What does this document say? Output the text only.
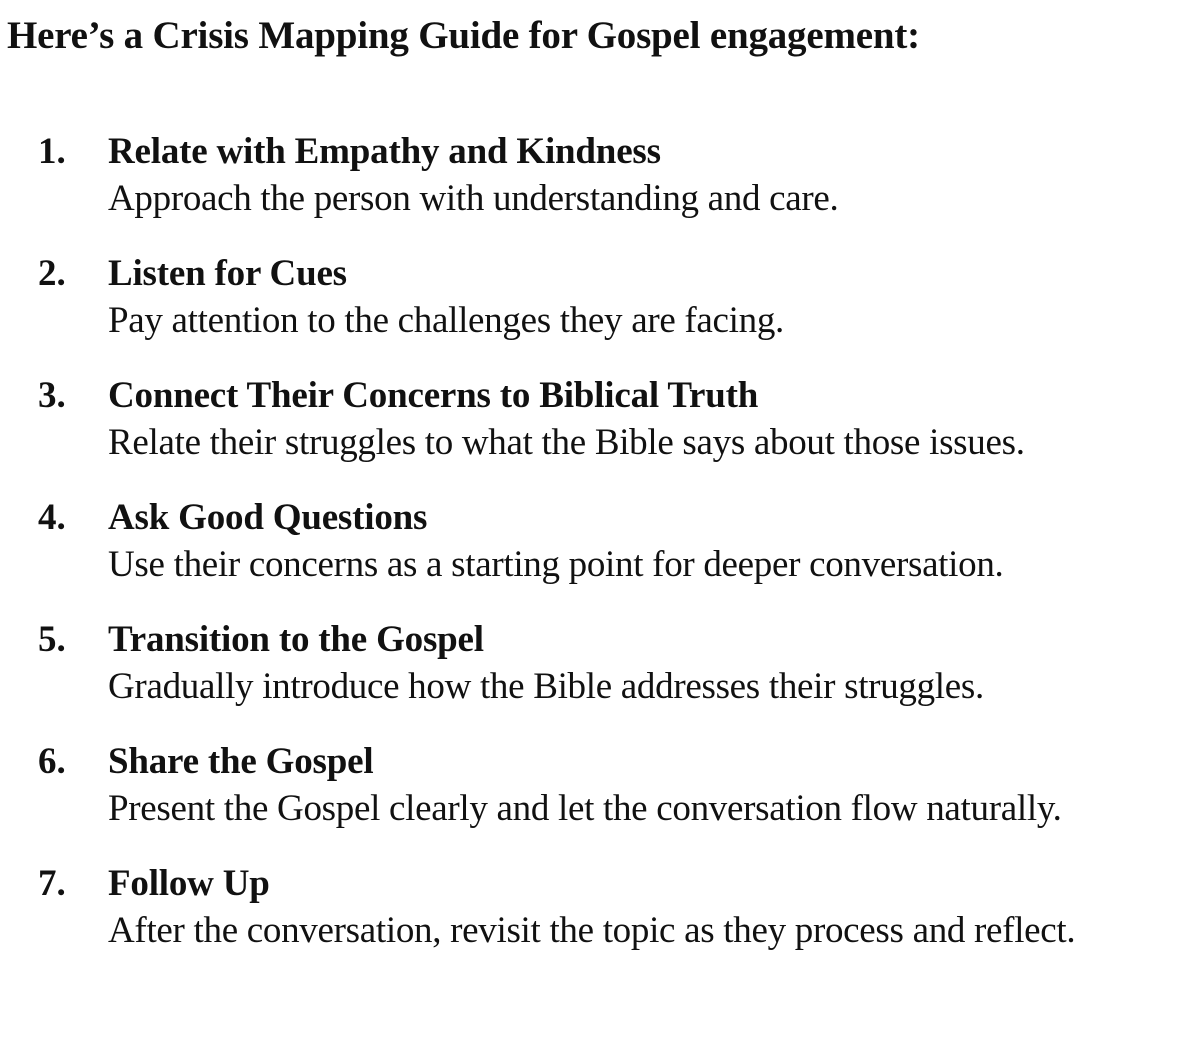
Here’s a Crisis Mapping Guide for Gospel engagement:
1. Relate with Empathy and Kindness
Approach the person with understanding and care.
2. Listen for Cues
Pay attention to the challenges they are facing.
3. Connect Their Concerns to Biblical Truth
Relate their struggles to what the Bible says about those issues.
4. Ask Good Questions
Use their concerns as a starting point for deeper conversation.
5. Transition to the Gospel
Gradually introduce how the Bible addresses their struggles.
6. Share the Gospel
Present the Gospel clearly and let the conversation flow naturally.
7. Follow Up
After the conversation, revisit the topic as they process and reflect.
